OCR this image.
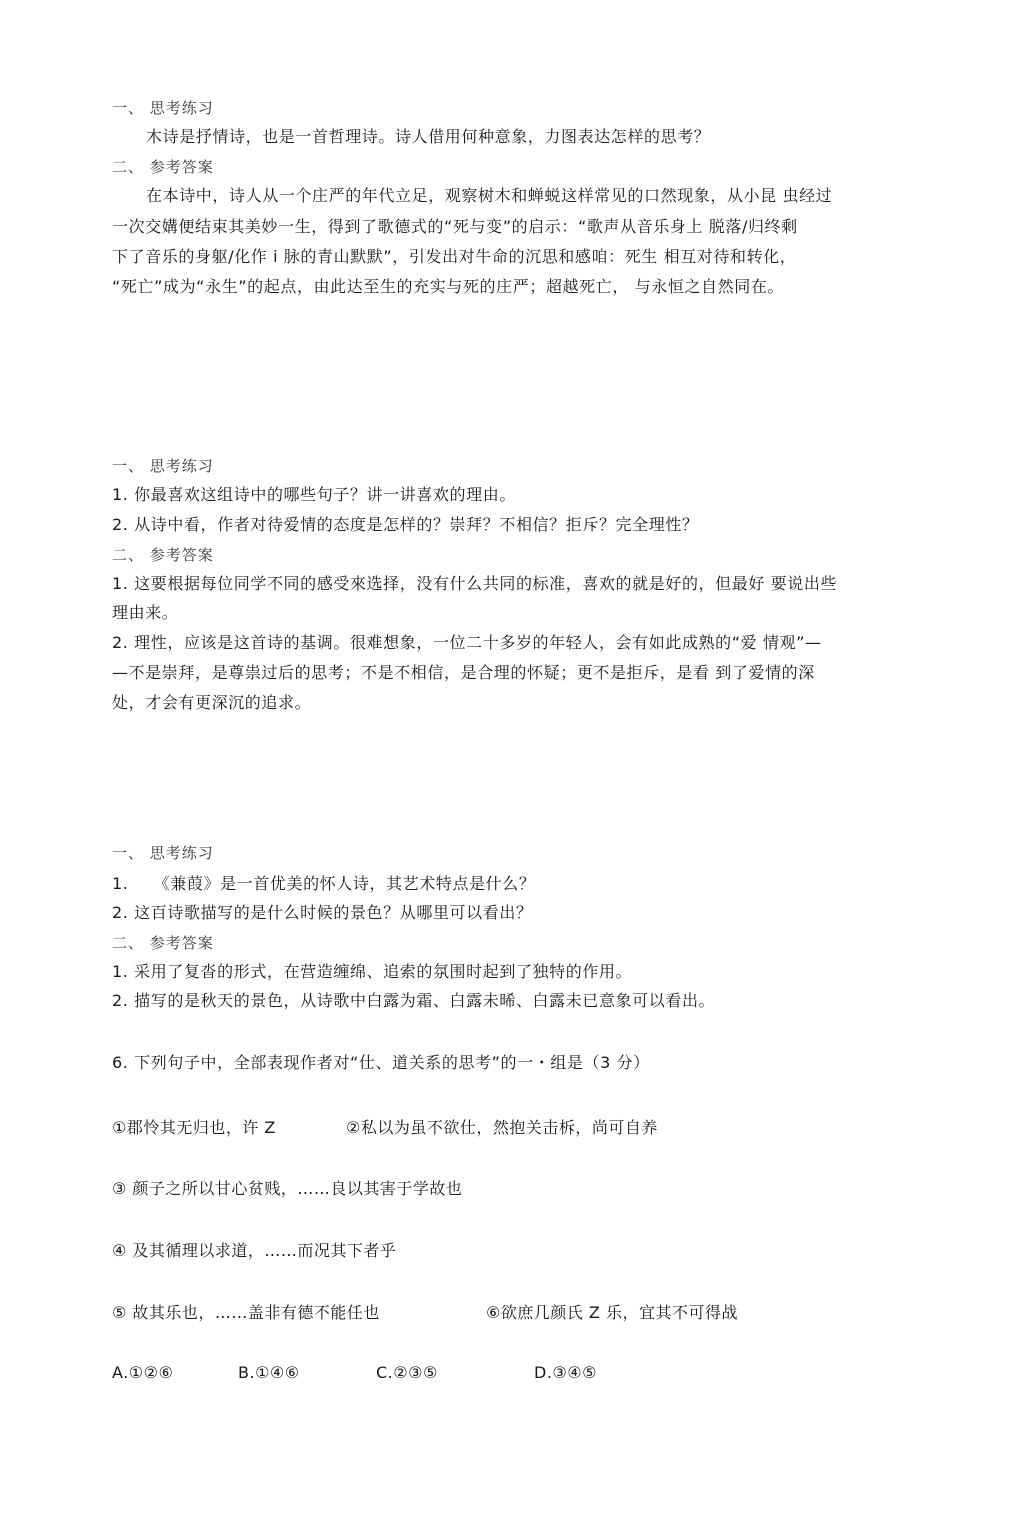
一、 思考练习

木诗是抒情诗，也是一首哲理诗。诗人借用何种意象，力图表达怎样的思考？

二、 参考答案

在本诗中，诗人从一个庄严的年代立足，观察树木和蝉蜕这样常见的口然现象，从小昆 虫经过

一次交媾便结束其美妙一生，得到了歌德式的“死与变”的启示：“歌声从音乐身上 脱落/归终剩

下了音乐的身躯/化作 i 脉的青山默默”，引发出对牛命的沉思和感咱：死生 相互对待和转化，

“死亡”成为“永生”的起点，由此达至生的充实与死的庄严；超越死亡， 与永恒之自然同在。

一、 思考练习

1. 你最喜欢这组诗中的哪些句子？讲一讲喜欢的理由。

2. 从诗中看，作者对待爱情的态度是怎样的？崇拜？不相信？拒斥？完全理性？

二、 参考答案

1. 这要根据每位同学不同的感受來选择，没有什么共同的标准，喜欢的就是好的，但最好 要说出些

理由来。

2. 理性，应该是这首诗的基调。很难想象，一位二十多岁的年轻人，会有如此成熟的“爱 情观”—

—不是崇拜，是尊祟过后的思考；不是不相信，是合理的怀疑；更不是拒斥，是看 到了爱情的深

处，才会有更深沉的追求。

一、 思考练习

1.　　《兼葭》是一首优美的怀人诗，其艺术特点是什么？

2. 这百诗歌描写的是什么时候的景色？从哪里可以看出？

二、 参考答案

1. 采用了复沓的形式，在营造缠绵、追索的氛围时起到了独特的作用。

2. 描写的是秋天的景色，从诗歌中白露为霜、白露未晞、白露未已意象可以看出。

6. 下列句子中，全部表现作者对“仕、道关系的思考”的一・组是（3 分）

①郡怜其无归也，许 Z	②私以为虽不欲仕，然抱关击柝，尚可自养

③ 颜子之所以甘心贫贱，……良以其害于学故也

④ 及其循理以求道，……而况其下者乎

⑤ 故其乐也，……盖非有德不能任也	⑥欲庶几颜氏 Z 乐，宜其不可得战

A.①②⑥	B.①④⑥	C.②③⑤	D.③④⑤
